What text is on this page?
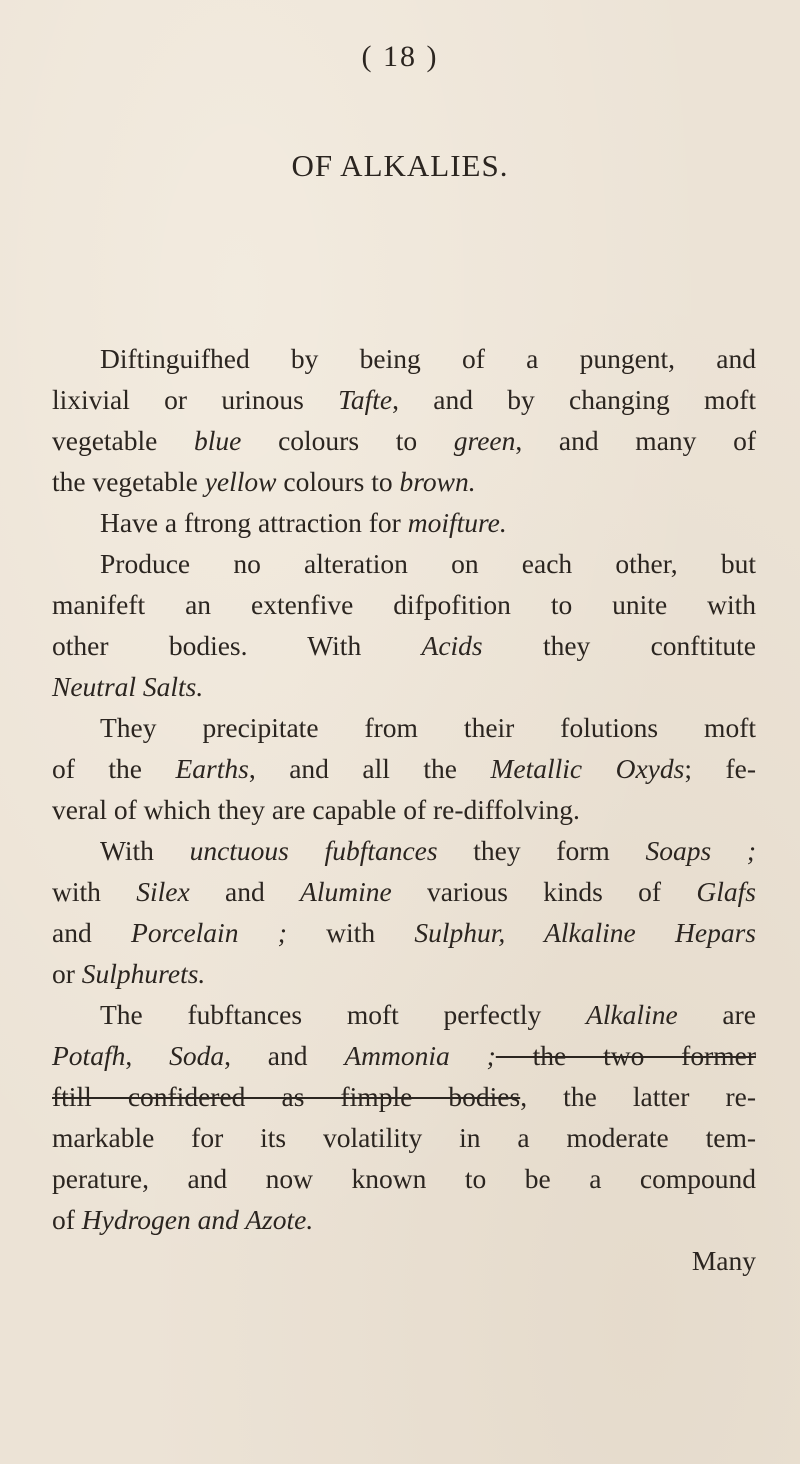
( 18 )
OF ALKALIES.
Diftinguifhed by being of a pungent, and
lixivial or urinous Tafte, and by changing moft
vegetable blue colours to green, and many of
the vegetable yellow colours to brown.
Have a ftrong attraction for moifture.
Produce no alteration on each other, but
manifeft an extenfive difpofition to unite with
other bodies. With Acids they conftitute
Neutral Salts.
They precipitate from their folutions moft
of the Earths, and all the Metallic Oxyds; fe-
veral of which they are capable of re-diffolving.
With unctuous fubftances they form Soaps ;
with Silex and Alumine various kinds of Glafs
and Porcelain ; with Sulphur, Alkaline Hepars
or Sulphurets.
The fubftances moft perfectly Alkaline are
Potafh, Soda, and Ammonia ; the two former
ftill confidered as fimple bodies, the latter re-
markable for its volatility in a moderate tem-
perature, and now known to be a compound
of Hydrogen and Azote.
Many
